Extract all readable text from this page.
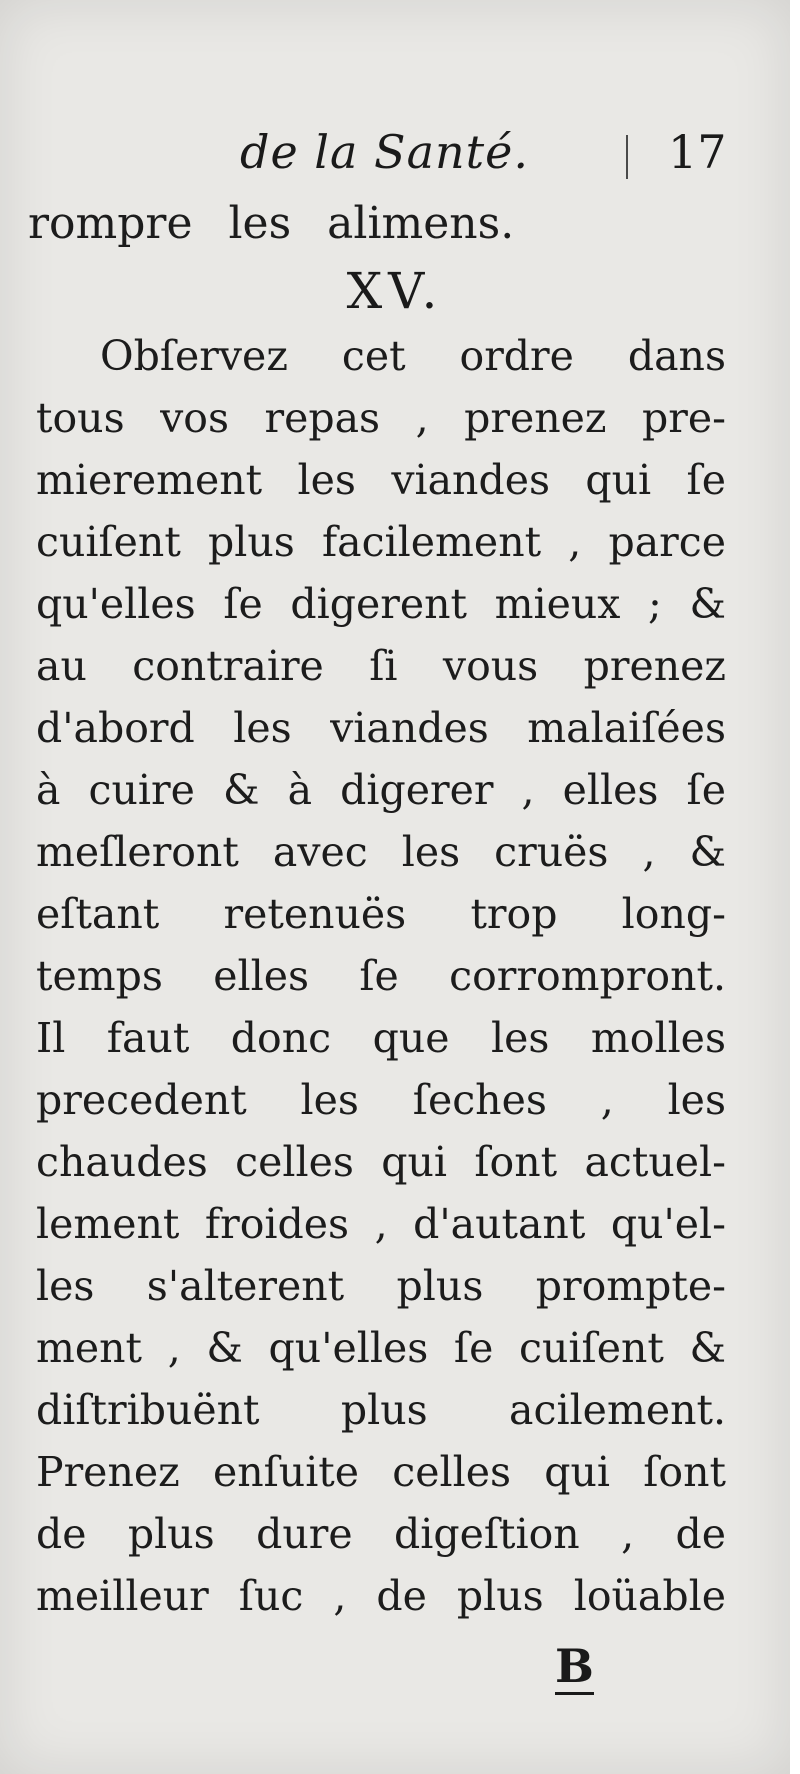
de la Santé.	17
rompre les alimens.
XV.
Obſervez cet ordre dans
tous vos repas , prenez pre-
mierement les viandes qui ſe
cuiſent plus facilement , parce
qu'elles ſe digerent mieux ; &
au contraire ſi vous prenez
d'abord les viandes malaiſées
à cuire & à digerer , elles ſe
meſleront avec les cruës , &
eſtant retenuës trop long-
temps elles ſe corrompront.
Il faut donc que les molles
precedent les ſeches , les
chaudes celles qui ſont actuel-
lement froides , d'autant qu'el-
les s'alterent plus prompte-
ment , & qu'elles ſe cuiſent &
diſtribuënt plus acilement.
Prenez enſuite celles qui ſont
de plus dure digeſtion , de
meilleur ſuc , de plus loüable
B
